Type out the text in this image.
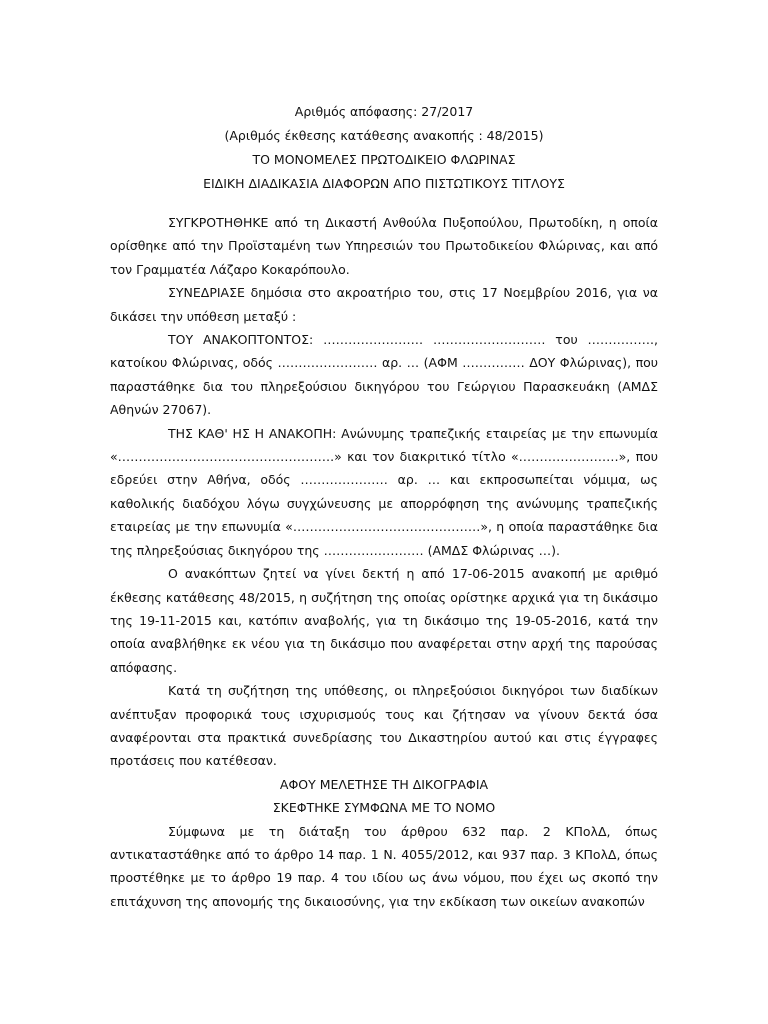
Αριθμός απόφασης: 27/2017
(Αριθμός έκθεσης κατάθεσης ανακοπής : 48/2015)
ΤΟ ΜΟΝΟΜΕΛΕΣ ΠΡΩΤΟΔΙΚΕΙΟ ΦΛΩΡΙΝΑΣ
ΕΙΔΙΚΗ ΔΙΑΔΙΚΑΣΙΑ ΔΙΑΦΟΡΩΝ ΑΠΟ ΠΙΣΤΩΤΙΚΟΥΣ ΤΙΤΛΟΥΣ

ΣΥΓΚΡΟΤΗΘΗΚΕ από τη Δικαστή Ανθούλα Πυξοπούλου, Πρωτοδίκη, η οποία ορίσθηκε από την Προϊσταμένη των Υπηρεσιών του Πρωτοδικείου Φλώρινας, και από τον Γραμματέα Λάζαρο Κοκαρόπουλο.

ΣΥΝΕΔΡΙΑΣΕ δημόσια στο ακροατήριο του, στις 17 Νοεμβρίου 2016, για να δικάσει την υπόθεση μεταξύ :

ΤΟΥ ΑΝΑΚΟΠΤΟΝΤΟΣ: …………………… ……………………… του ……………., κατοίκου Φλώρινας, οδός …………………… αρ. … (ΑΦΜ …………… ΔΟΥ Φλώρινας), που παραστάθηκε δια του πληρεξούσιου δικηγόρου του Γεώργιου Παρασκευάκη (ΑΜΔΣ Αθηνών 27067).

ΤΗΣ ΚΑΘ' ΗΣ Η ΑΝΑΚΟΠΗ: Ανώνυμης τραπεζικής εταιρείας με την επωνυμία «…………………………………………….» και τον διακριτικό τίτλο «……………………», που εδρεύει στην Αθήνα, οδός ………………… αρ. … και εκπροσωπείται νόμιμα, ως καθολικής διαδόχου λόγω συγχώνευσης με απορρόφηση της ανώνυμης τραπεζικής εταιρείας με την επωνυμία «………………………………………», η οποία παραστάθηκε δια της πληρεξούσιας δικηγόρου της …………………… (ΑΜΔΣ Φλώρινας …).

Ο ανακόπτων ζητεί να γίνει δεκτή η από 17-06-2015 ανακοπή με αριθμό έκθεσης κατάθεσης 48/2015, η συζήτηση της οποίας ορίστηκε αρχικά για τη δικάσιμο της 19-11-2015 και, κατόπιν αναβολής, για τη δικάσιμο της 19-05-2016, κατά την οποία αναβλήθηκε εκ νέου για τη δικάσιμο που αναφέρεται στην αρχή της παρούσας απόφασης.

Κατά τη συζήτηση της υπόθεσης, οι πληρεξούσιοι δικηγόροι των διαδίκων ανέπτυξαν προφορικά τους ισχυρισμούς τους και ζήτησαν να γίνουν δεκτά όσα αναφέρονται στα πρακτικά συνεδρίασης του Δικαστηρίου αυτού και στις έγγραφες προτάσεις που κατέθεσαν.

ΑΦΟΥ ΜΕΛΕΤΗΣΕ ΤΗ ΔΙΚΟΓΡΑΦΙΑ

ΣΚΕΦΤΗΚΕ ΣΥΜΦΩΝΑ ΜΕ ΤΟ ΝΟΜΟ

Σύμφωνα με τη διάταξη του άρθρου 632 παρ. 2 ΚΠολΔ, όπως αντικαταστάθηκε από το άρθρο 14 παρ. 1 Ν. 4055/2012, και 937 παρ. 3 ΚΠολΔ, όπως προστέθηκε με το άρθρο 19 παρ. 4 του ιδίου ως άνω νόμου, που έχει ως σκοπό την επιτάχυνση της απονομής της δικαιοσύνης, για την εκδίκαση των οικείων ανακοπών
